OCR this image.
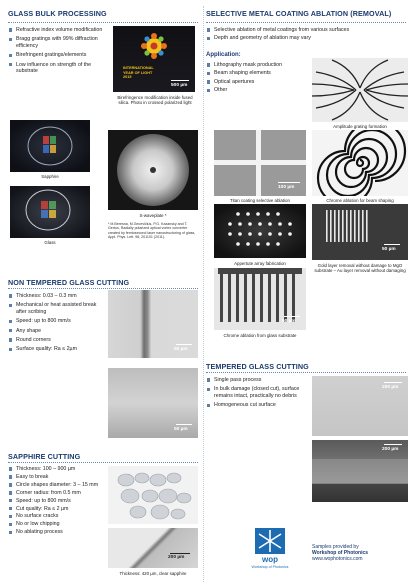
GLASS BULK PROCESSING
Refractive index volume modification
Bragg gratings with 99% diffraction efficiency
Birefringent gratings/elements
Low influence on strength of the substrate
INTERNATIONAL YEAR OF LIGHT 2015
500 µm
Birefringence modification inside fused silica. Photo in crossed polarized light
Sapphire
Glass
S-waveplate *
* M.Beresna, M.Gecevičius, P.G. Kazansky and T. Gertus, Radially polarized optical vortex converter created by femtosecond laser nanostructuring of glass, Appl. Phys. Lett. 98, 201101 (2011).
NON TEMPERED GLASS CUTTING
Thickness: 0.03 – 0.3 mm
Mechanical or heat assisted break after scribing
Speed: up to 800 mm/s
Any shape
Round corners
Surface quality: Ra ≤ 2µm	50 µm
50 µm
SAPPHIRE CUTTING
Thickness: 100 – 900 µm
Easy to break
Circle shapes diameter: 3 – 15 mm
Corner radius: from 0.5 mm
Speed: up to 800 mm/s
Cut quality: Ra ≤ 2 µm
No surface cracks
No or low chipping
No ablating process
200 µm
Thickness: 420 µm, clear sapphire
SELECTIVE METAL COATING ABLATION (REMOVAL)
Selective ablation of metal coatings from various surfaces
Depth and geometry of ablation may vary
Application:
Lithography mask production
Beam shaping elements
Optical apertures
Other
Amplitude grating formation
100 µm
Titan coating selective ablation	Chrome ablation for beam shaping
Appertute array fabrication
50 µm
Gold layer removal without damage to MgO substrate – Au layer removal without damaging
50 µm
Chrome ablation from glass substrate
TEMPERED GLASS CUTTING
Single pass process
In bulk damage (closed cut), surface remains intact, practically no debris
Homogeneous cut surface
200 µm
200 µm
wop
Workshop of Photonics
Samples provided by
Workshop of Photonics
www.wophotonics.com
